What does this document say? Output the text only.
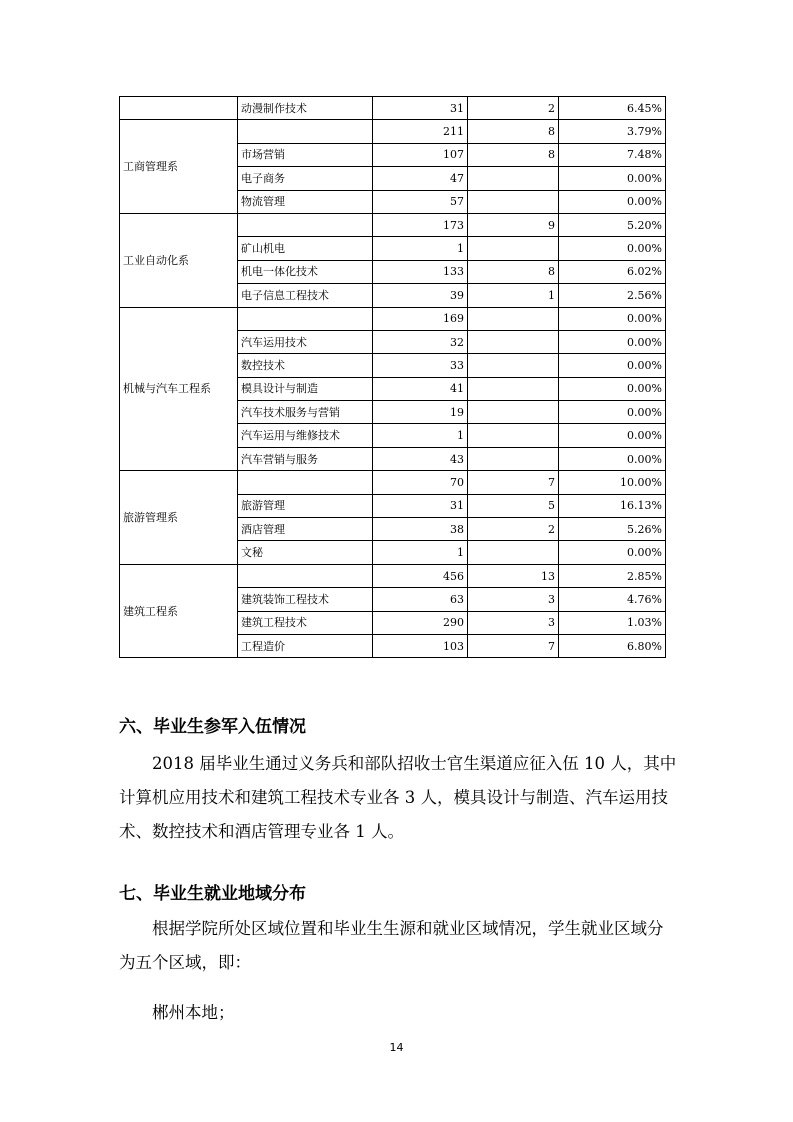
	动漫制作技术	31	2	6.45%
工商管理系		211	8	3.79%
	市场营销	107	8	7.48%
	电子商务	47		0.00%
	物流管理	57		0.00%
工业自动化系		173	9	5.20%
	矿山机电	1		0.00%
	机电一体化技术	133	8	6.02%
	电子信息工程技术	39	1	2.56%
机械与汽车工程系		169		0.00%
	汽车运用技术	32		0.00%
	数控技术	33		0.00%
	模具设计与制造	41		0.00%
	汽车技术服务与营销	19		0.00%
	汽车运用与维修技术	1		0.00%
	汽车营销与服务	43		0.00%
旅游管理系		70	7	10.00%
	旅游管理	31	5	16.13%
	酒店管理	38	2	5.26%
	文秘	1		0.00%
建筑工程系		456	13	2.85%
	建筑装饰工程技术	63	3	4.76%
	建筑工程技术	290	3	1.03%
	工程造价	103	7	6.80%
六、毕业生参军入伍情况

2018 届毕业生通过义务兵和部队招收士官生渠道应征入伍 10 人，其中计算机应用技术和建筑工程技术专业各 3 人，模具设计与制造、汽车运用技术、数控技术和酒店管理专业各 1 人。

七、毕业生就业地域分布

根据学院所处区域位置和毕业生生源和就业区域情况，学生就业区域分为五个区域，即：

郴州本地；

14
